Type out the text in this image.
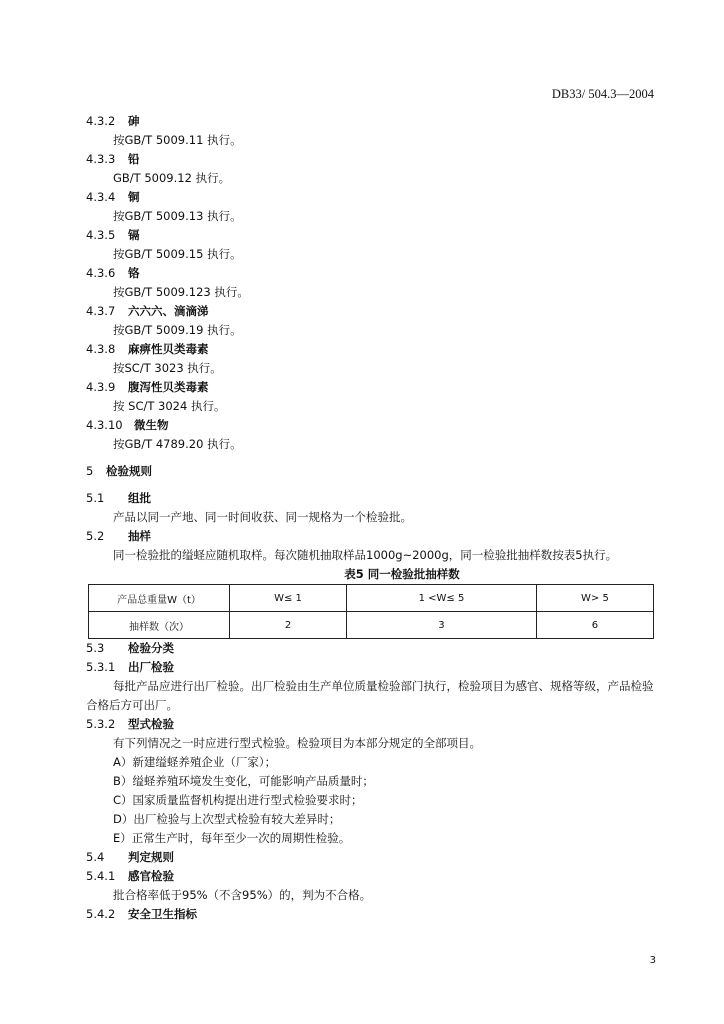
DB33/ 504.3—2004
4.3.2 砷
按GB/T 5009.11 执行。
4.3.3 铅
GB/T 5009.12 执行。
4.3.4 铜
按GB/T 5009.13 执行。
4.3.5 镉
按GB/T 5009.15 执行。
4.3.6 铬
按GB/T 5009.123 执行。
4.3.7 六六六、滴滴涕
按GB/T 5009.19 执行。
4.3.8 麻痹性贝类毒素
按SC/T 3023 执行。
4.3.9 腹泻性贝类毒素
按 SC/T 3024 执行。
4.3.10 微生物
按GB/T 4789.20 执行。
5 检验规则
5.1 组批
产品以同一产地、同一时间收获、同一规格为一个检验批。
5.2 抽样
同一检验批的缢蛏应随机取样。每次随机抽取样品1000g~2000g，同一检验批抽样数按表5执行。
表5 同一检验批抽样数
产品总重量W（t）	W≤ 1	1 <W≤ 5	W> 5
抽样数（次）	2	3	6
5.3 检验分类
5.3.1 出厂检验
每批产品应进行出厂检验。出厂检验由生产单位质量检验部门执行，检验项目为感官、规格等级，产品检验合格后方可出厂。
5.3.2 型式检验
有下列情况之一时应进行型式检验。检验项目为本部分规定的全部项目。
A）新建缢蛏养殖企业（厂家）；
B）缢蛏养殖环境发生变化，可能影响产品质量时；
C）国家质量监督机构提出进行型式检验要求时；
D）出厂检验与上次型式检验有较大差异时；
E）正常生产时，每年至少一次的周期性检验。
5.4 判定规则
5.4.1 感官检验
批合格率低于95%（不含95%）的，判为不合格。
5.4.2 安全卫生指标
3
